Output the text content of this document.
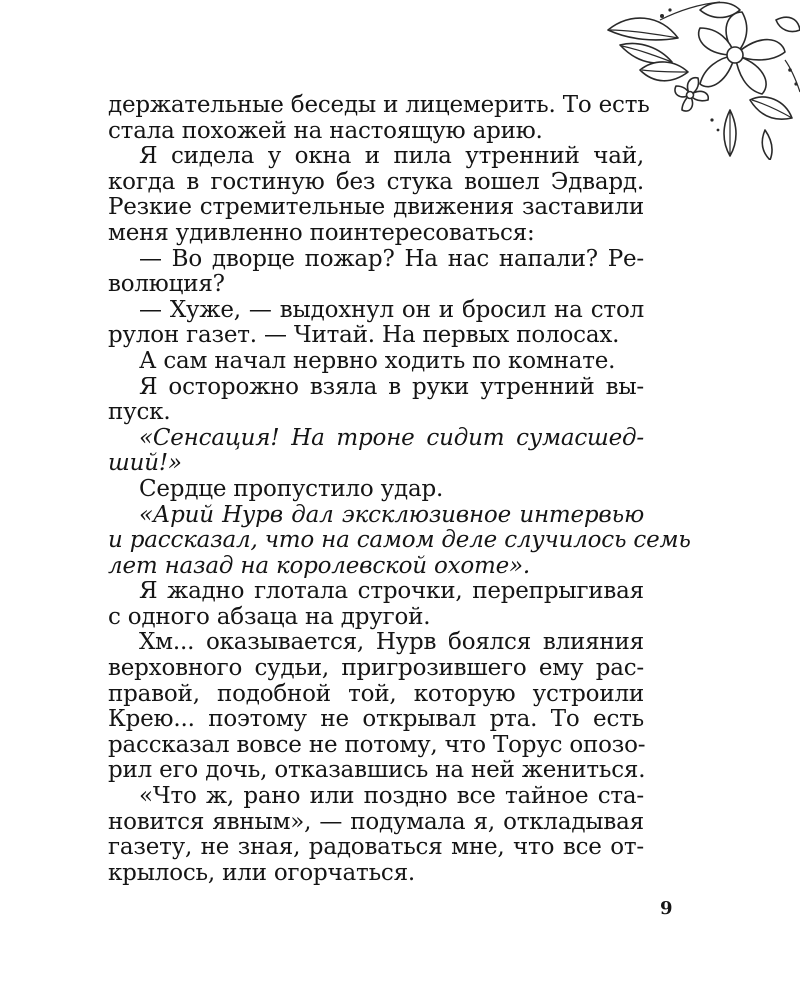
держательные беседы и лицемерить. То есть
стала похожей на настоящую арию.
Я сидела у окна и пила утренний чай,
когда в гостиную без стука вошел Эдвард.
Резкие стремительные движения заставили
меня удивленно поинтересоваться:
— Во дворце пожар? На нас напали? Ре-
волюция?
— Хуже, — выдохнул он и бросил на стол
рулон газет. — Читай. На первых полосах.
А сам начал нервно ходить по комнате.
Я осторожно взяла в руки утренний вы-
пуск.
«Сенсация! На троне сидит сумасшед-
ший!»
Сердце пропустило удар.
«Арий Нурв дал эксклюзивное интервью
и рассказал, что на самом деле случилось семь
лет назад на королевской охоте».
Я жадно глотала строчки, перепрыгивая
с одного абзаца на другой.
Хм... оказывается, Нурв боялся влияния
верховного судьи, пригрозившего ему рас-
правой, подобной той, которую устроили
Крею... поэтому не открывал рта. То есть
рассказал вовсе не потому, что Торус опозо-
рил его дочь, отказавшись на ней жениться.
«Что ж, рано или поздно все тайное ста-
новится явным», — подумала я, откладывая
газету, не зная, радоваться мне, что все от-
крылось, или огорчаться.
9
